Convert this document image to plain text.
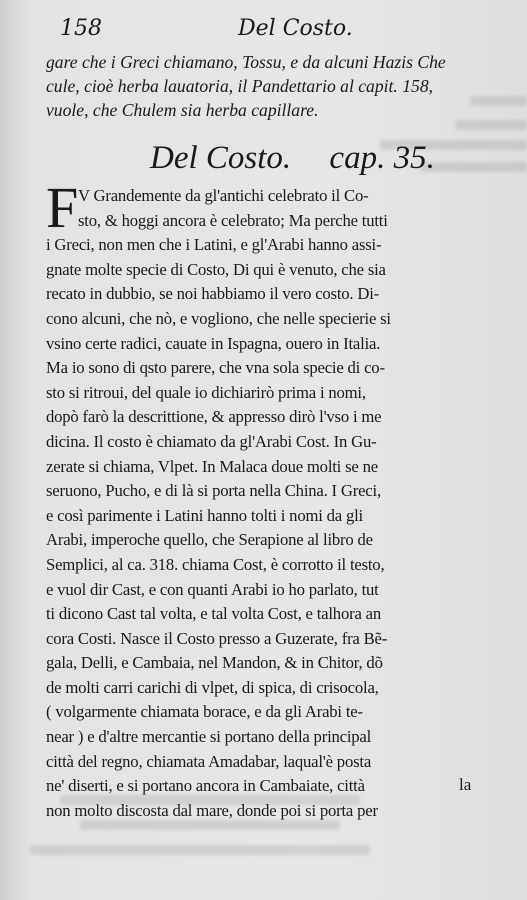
158	Del Costo.
gare che i Greci chiamano, Tossu, e da alcuni Hazis Che
cule, cioè herba lauatoria, il Pandettario al capit. 158,
vuole, che Chulem sia herba capillare.
Del Costo. cap. 35.
F V Grandemente da gl'antichi celebrato il Co-
sto, & hoggi ancora è celebrato; Ma perche tutti
i Greci, non men che i Latini, e gl'Arabi hanno assi-
gnate molte specie di Costo, Di qui è venuto, che sia
recato in dubbio, se noi habbiamo il vero costo. Di-
cono alcuni, che nò, e vogliono, che nelle specierie si
vsino certe radici, cauate in Ispagna, ouero in Italia.
Ma io sono di qsto parere, che vna sola specie di co-
sto si ritroui, del quale io dichiarirò prima i nomi,
dopò farò la descrittione, & appresso dirò l'vso i me
dicina. Il costo è chiamato da gl'Arabi Cost. In Gu-
zerate si chiama, Vlpet. In Malaca doue molti se ne
seruono, Pucho, e di là si porta nella China. I Greci,
e così parimente i Latini hanno tolti i nomi da gli
Arabi, imperoche quello, che Serapione al libro de
Semplici, al ca. 318. chiama Cost, è corrotto il testo,
e vuol dir Cast, e con quanti Arabi io ho parlato, tut
ti dicono Cast tal volta, e tal volta Cost, e talhora an
cora Costi. Nasce il Costo presso a Guzerate, fra Bẽ-
gala, Delli, e Cambaia, nel Mandon, & in Chitor, dõ
de molti carri carichi di vlpet, di spica, di crisocola,
( volgarmente chiamata borace, e da gli Arabi te-
near ) e d'altre mercantie si portano della principal
città del regno, chiamata Amadabar, laqual'è posta
ne' diserti, e si portano ancora in Cambaiate, città
non molto discosta dal mare, donde poi si porta per
la
